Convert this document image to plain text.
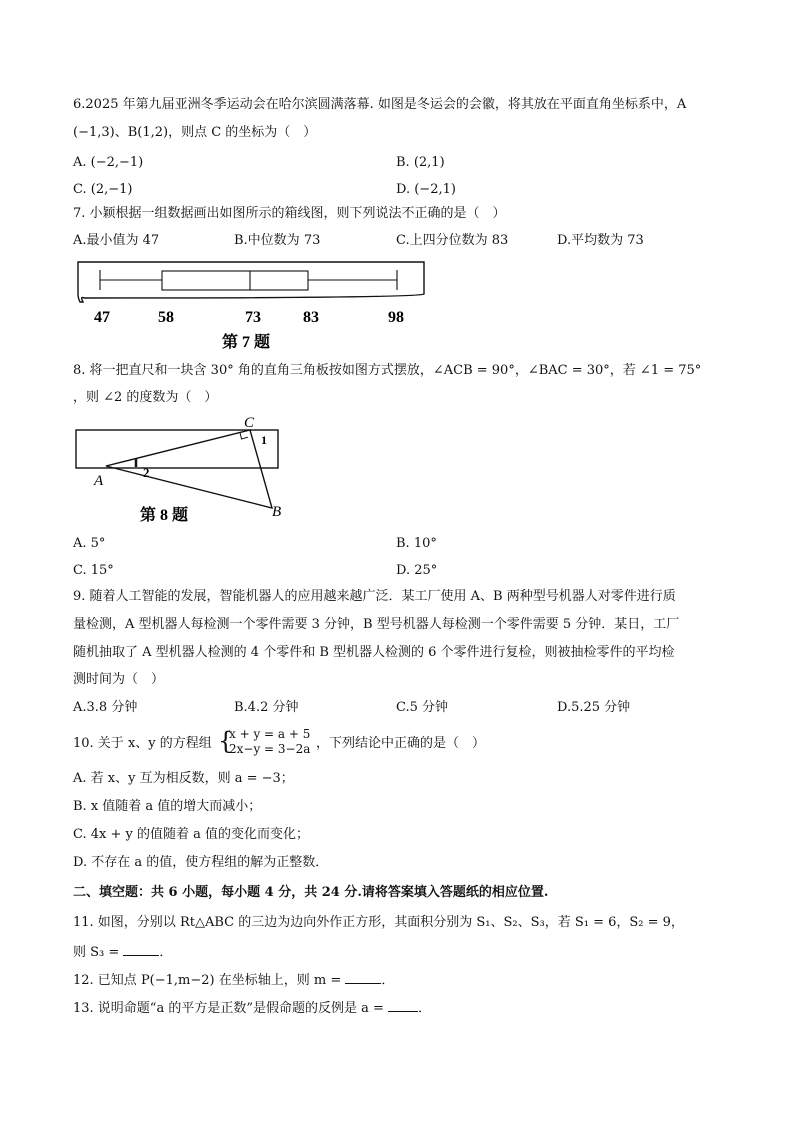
6.2025 年第九届亚洲冬季运动会在哈尔滨圆满落幕. 如图是冬运会的会徽，将其放在平面直角坐标系中，A
(−1,3)、B(1,2)，则点 C 的坐标为（　）
A. (−2,−1)	B. (2,1)
C. (2,−1)	D. (−2,1)
7. 小颖根据一组数据画出如图所示的箱线图，则下列说法不正确的是（　）
A.最小值为 47	B.中位数为 73	C.上四分位数为 83	D.平均数为 73
47	58	73	83	98
第 7 题
8. 将一把直尺和一块含 30° 角的直角三角板按如图方式摆放，∠ACB = 90°，∠BAC = 30°，若 ∠1 = 75°
，则 ∠2 的度数为（　）
A
B
C
1
2
第 8 题
A. 5°	B. 10°
C. 15°	D. 25°
9. 随着人工智能的发展，智能机器人的应用越来越广泛．某工厂使用 A、B 两种型号机器人对零件进行质
量检测，A 型机器人每检测一个零件需要 3 分钟，B 型号机器人每检测一个零件需要 5 分钟．某日，工厂
随机抽取了 A 型机器人检测的 4 个零件和 B 型机器人检测的 6 个零件进行复检，则被抽检零件的平均检
测时间为（　）
A.3.8 分钟	B.4.2 分钟	C.5 分钟	D.5.25 分钟
10. 关于 x、y 的方程组 {
x + y = a + 5
2x−y = 3−2a ，下列结论中正确的是（　）
A. 若 x、y 互为相反数，则 a = −3；
B. x 值随着 a 值的增大而减小；
C. 4x + y 的值随着 a 值的变化而变化；
D. 不存在 a 的值，使方程组的解为正整数．
二、填空题：共 6 小题，每小题 4 分，共 24 分.请将答案填入答题纸的相应位置.
11. 如图，分别以 Rt△ABC 的三边为边向外作正方形，其面积分别为 S₁、S₂、S₃，若 S₁ = 6，S₂ = 9，
则 S₃ =	．
12. 已知点 P(−1,m−2) 在坐标轴上，则 m =	．
13. 说明命题“a 的平方是正数”是假命题的反例是 a = ．
